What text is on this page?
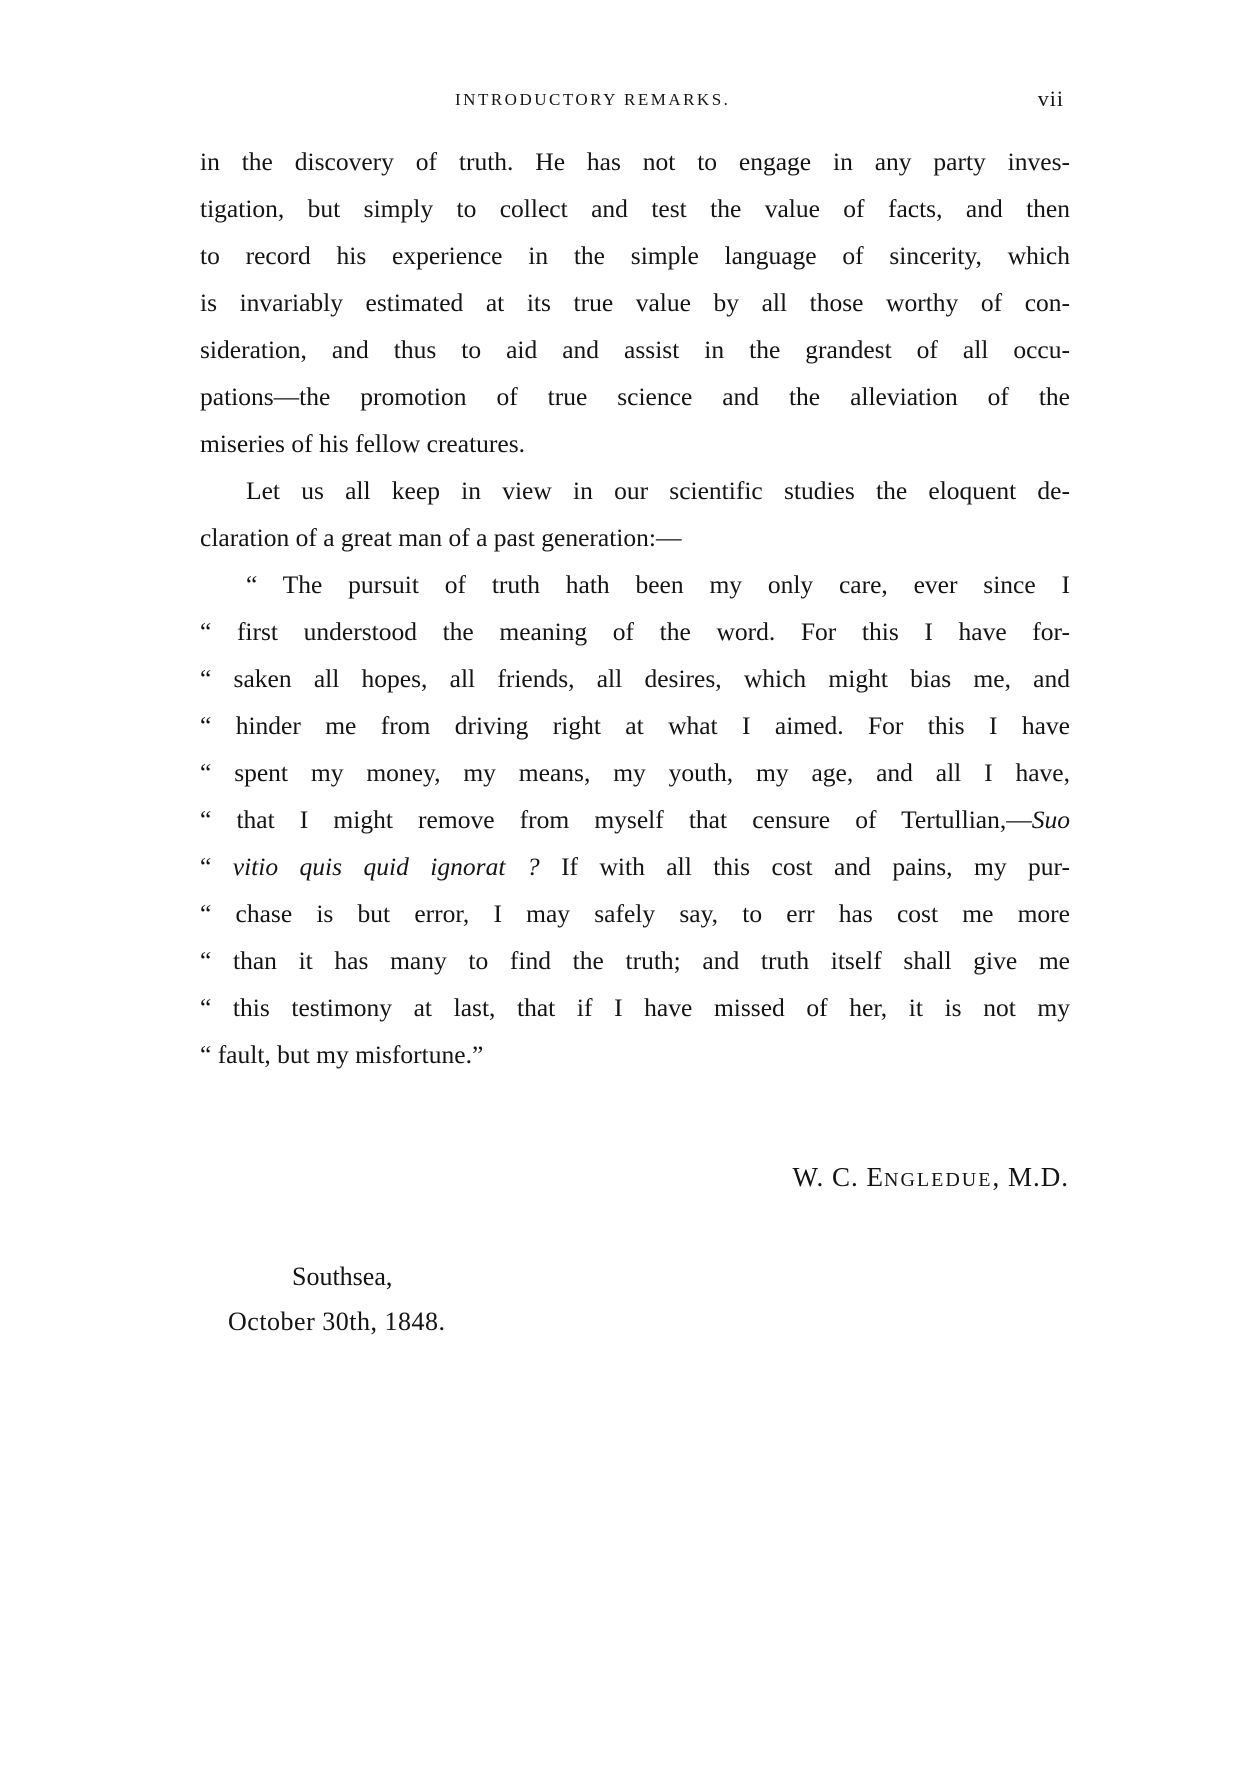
INTRODUCTORY REMARKS.	vii
in the discovery of truth. He has not to engage in any party inves-
tigation, but simply to collect and test the value of facts, and then
to record his experience in the simple language of sincerity, which
is invariably estimated at its true value by all those worthy of con-
sideration, and thus to aid and assist in the grandest of all occu-
pations—the promotion of true science and the alleviation of the
miseries of his fellow creatures.
Let us all keep in view in our scientific studies the eloquent de-
claration of a great man of a past generation:—
“ The pursuit of truth hath been my only care, ever since I
“ first understood the meaning of the word. For this I have for-
“ saken all hopes, all friends, all desires, which might bias me, and
“ hinder me from driving right at what I aimed. For this I have
“ spent my money, my means, my youth, my age, and all I have,
“ that I might remove from myself that censure of Tertullian,—Suo
“ vitio quis quid ignorat ? If with all this cost and pains, my pur-
“ chase is but error, I may safely say, to err has cost me more
“ than it has many to find the truth; and truth itself shall give me
“ this testimony at last, that if I have missed of her, it is not my
“ fault, but my misfortune.”
W. C. ENGLEDUE, M.D.
Southsea,
October 30th, 1848.
